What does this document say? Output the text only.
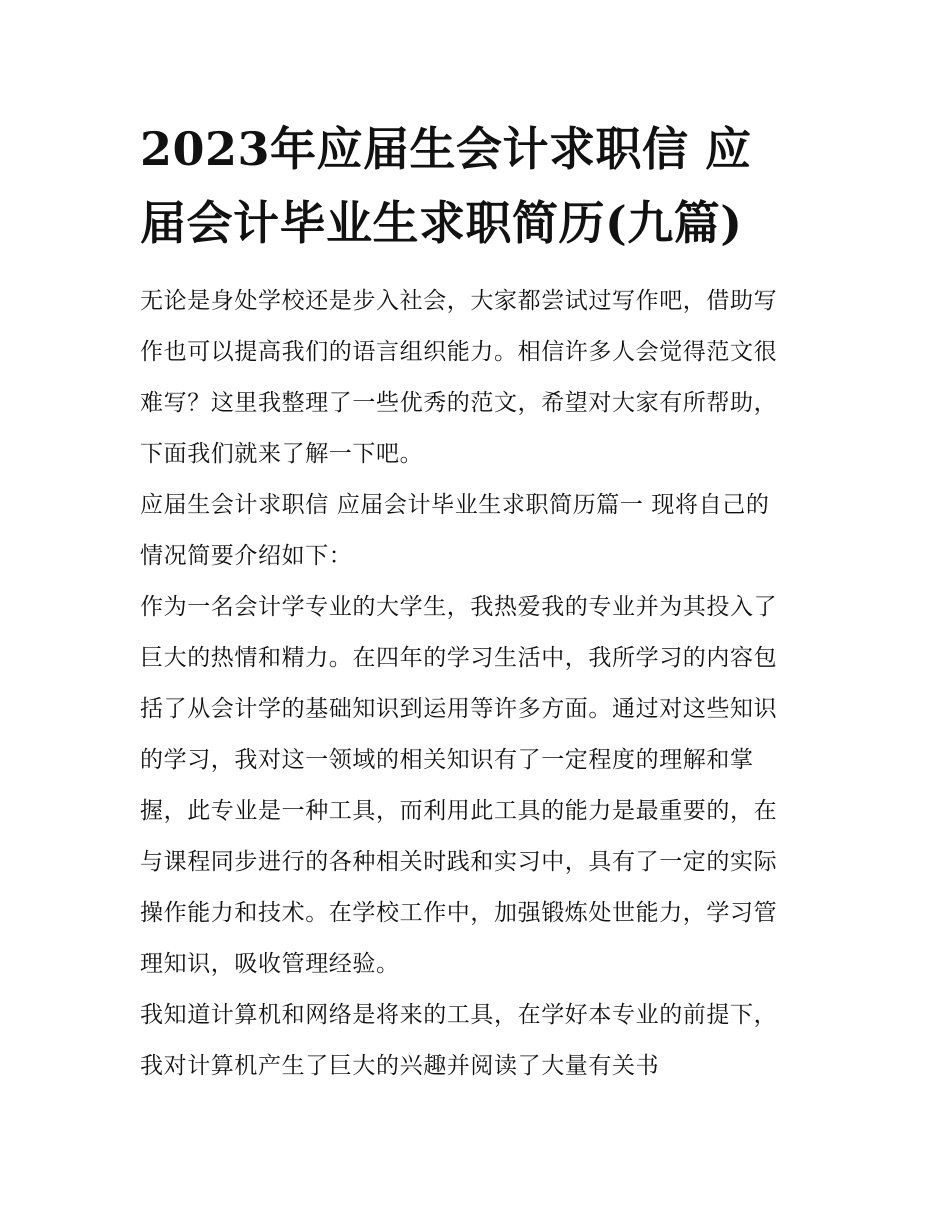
2023年应届生会计求职信 应
届会计毕业生求职简历(九篇)

无论是身处学校还是步入社会，大家都尝试过写作吧，借助写
作也可以提高我们的语言组织能力。相信许多人会觉得范文很
难写？这里我整理了一些优秀的范文，希望对大家有所帮助，
下面我们就来了解一下吧。

应届生会计求职信 应届会计毕业生求职简历篇一 现将自己的
情况简要介绍如下：

作为一名会计学专业的大学生，我热爱我的专业并为其投入了
巨大的热情和精力。在四年的学习生活中，我所学习的内容包
括了从会计学的基础知识到运用等许多方面。通过对这些知识
的学习，我对这一领域的相关知识有了一定程度的理解和掌
握，此专业是一种工具，而利用此工具的能力是最重要的，在
与课程同步进行的各种相关时践和实习中，具有了一定的实际
操作能力和技术。在学校工作中，加强锻炼处世能力，学习管
理知识，吸收管理经验。

我知道计算机和网络是将来的工具，在学好本专业的前提下，
我对计算机产生了巨大的兴趣并阅读了大量有关书
